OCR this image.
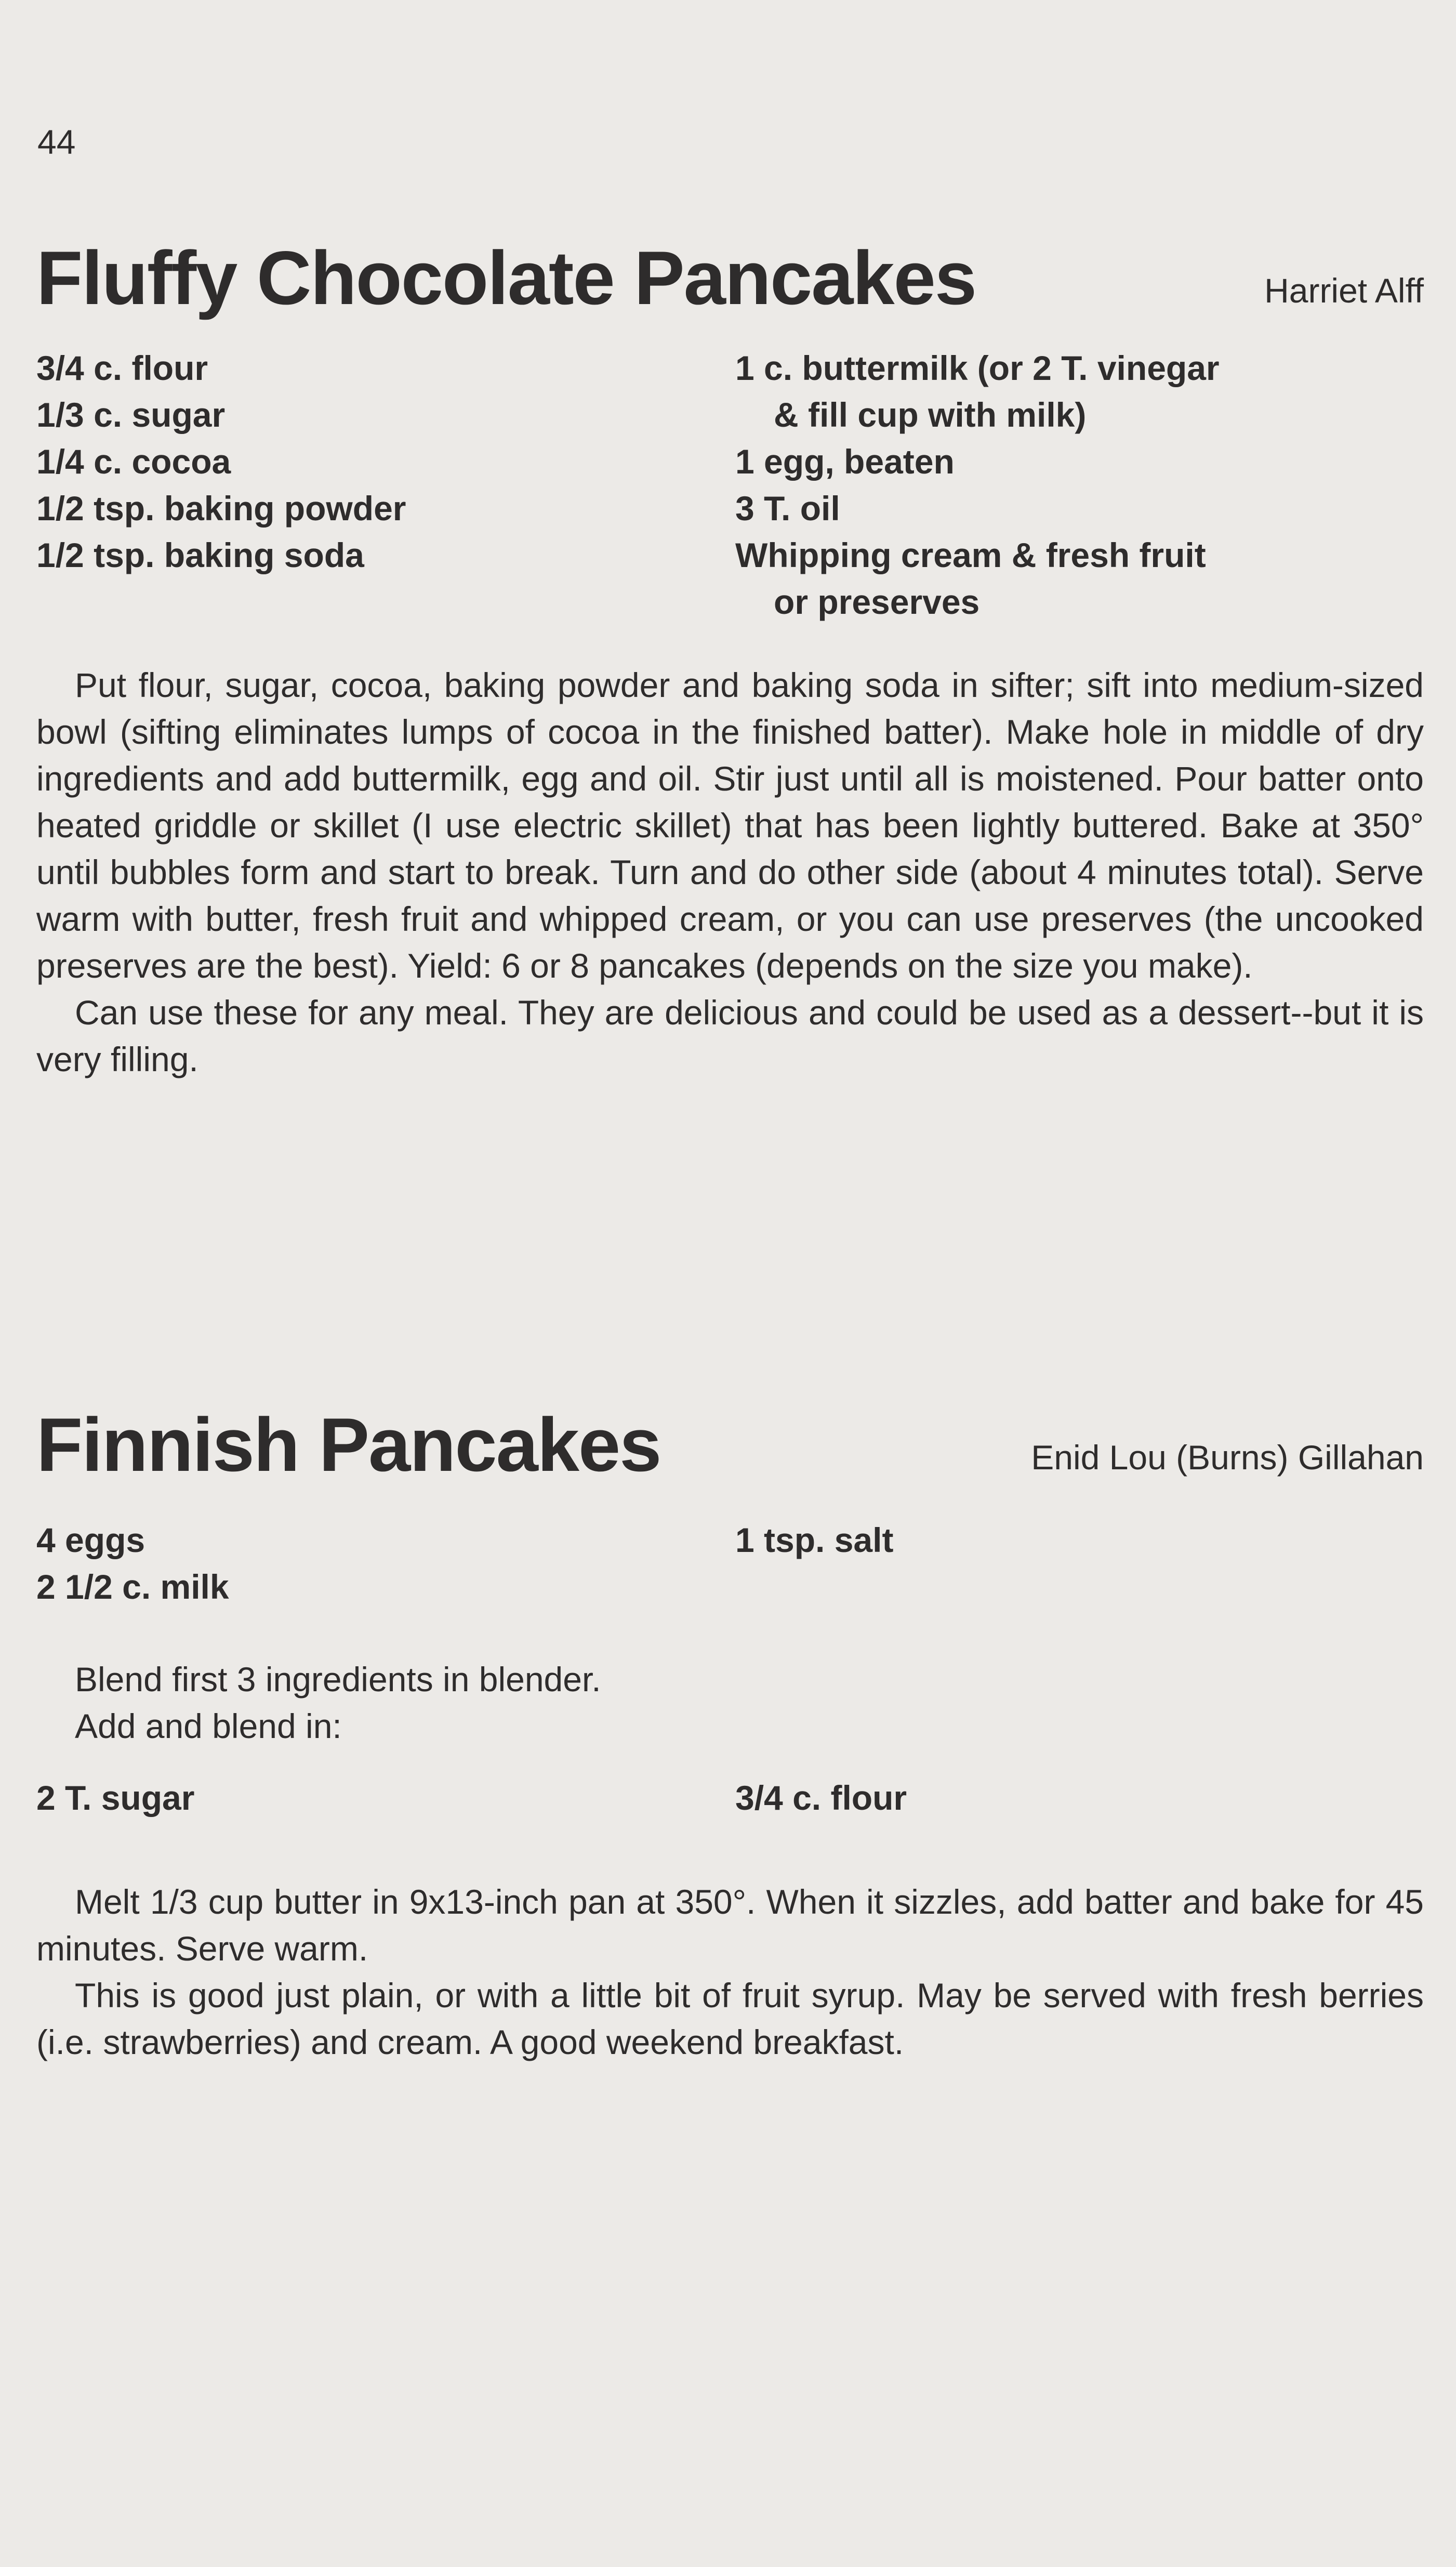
44
Fluffy Chocolate Pancakes	Harriet Alff
3/4 c. flour
1/3 c. sugar
1/4 c. cocoa
1/2 tsp. baking powder
1/2 tsp. baking soda
1 c. buttermilk (or 2 T. vinegar
& fill cup with milk)
1 egg, beaten
3 T. oil
Whipping cream & fresh fruit
or preserves

Put flour, sugar, cocoa, baking powder and baking soda in sifter; sift into medium-sized bowl (sifting eliminates lumps of cocoa in the finished batter). Make hole in middle of dry ingredients and add buttermilk, egg and oil. Stir just until all is moistened. Pour batter onto heated griddle or skillet (I use electric skillet) that has been lightly buttered. Bake at 350° until bubbles form and start to break. Turn and do other side (about 4 minutes total). Serve warm with butter, fresh fruit and whipped cream, or you can use preserves (the uncooked preserves are the best). Yield: 6 or 8 pancakes (depends on the size you make).

Can use these for any meal. They are delicious and could be used as a dessert--but it is very filling.

Finnish Pancakes	Enid Lou (Burns) Gillahan
4 eggs
2 1/2 c. milk
1 tsp. salt
Blend first 3 ingredients in blender.
Add and blend in:
2 T. sugar	3/4 c. flour

Melt 1/3 cup butter in 9x13-inch pan at 350°. When it sizzles, add batter and bake for 45 minutes. Serve warm.

This is good just plain, or with a little bit of fruit syrup. May be served with fresh berries (i.e. strawberries) and cream. A good weekend breakfast.
